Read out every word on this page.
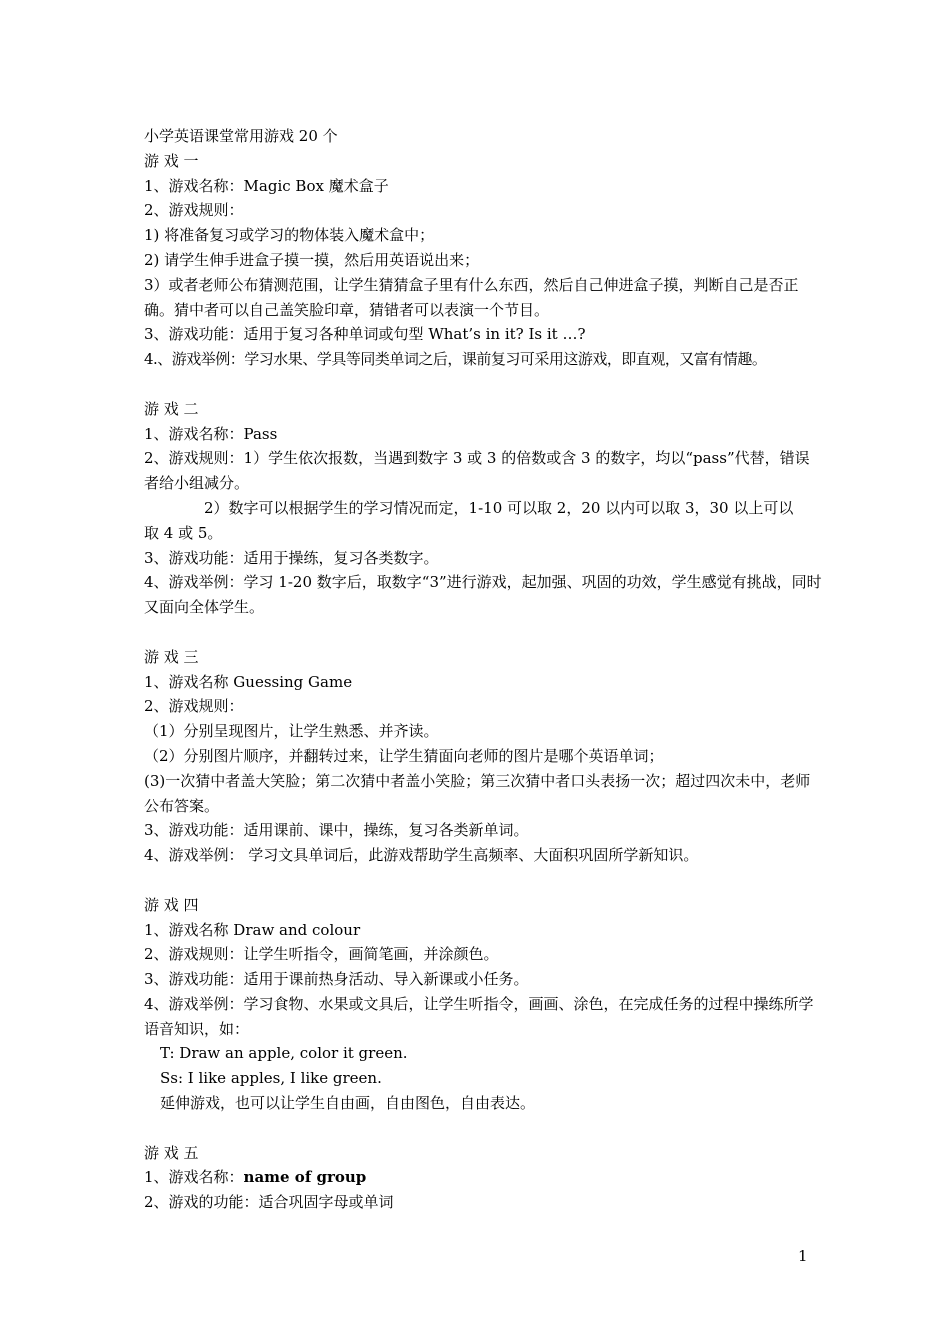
小学英语课堂常用游戏 20 个
游 戏 一
1、游戏名称：Magic Box 魔术盒子
2、游戏规则：
1) 将准备复习或学习的物体装入魔术盒中；
2) 请学生伸手进盒子摸一摸，然后用英语说出来；
3）或者老师公布猜测范围，让学生猜猜盒子里有什么东西，然后自己伸进盒子摸，判断自己是否正确。猜中者可以自己盖笑脸印章，猜错者可以表演一个节目。
3、游戏功能：适用于复习各种单词或句型 What’s in it? Is it …?
4.、游戏举例：学习水果、学具等同类单词之后，课前复习可采用这游戏，即直观，又富有情趣。
游 戏 二
1、游戏名称：Pass
2、游戏规则：1）学生依次报数，当遇到数字 3 或 3 的倍数或含 3 的数字，均以“pass”代替，错误者给小组减分。
2）数字可以根据学生的学习情况而定，1-10 可以取 2，20 以内可以取 3，30 以上可以
取 4 或 5。
3、游戏功能：适用于操练，复习各类数字。
4、游戏举例：学习 1-20 数字后，取数字“3”进行游戏，起加强、巩固的功效，学生感觉有挑战，同时又面向全体学生。
游 戏 三
1、游戏名称 Guessing Game
2、游戏规则：
（1）分别呈现图片，让学生熟悉、并齐读。
（2）分别图片顺序，并翻转过来，让学生猜面向老师的图片是哪个英语单词；
(3)一次猜中者盖大笑脸；第二次猜中者盖小笑脸；第三次猜中者口头表扬一次；超过四次未中，老师公布答案。
3、游戏功能：适用课前、课中，操练，复习各类新单词。
4、游戏举例： 学习文具单词后，此游戏帮助学生高频率、大面积巩固所学新知识。
游 戏 四
1、游戏名称 Draw and colour
2、游戏规则：让学生听指令，画简笔画，并涂颜色。
3、游戏功能：适用于课前热身活动、导入新课或小任务。
4、游戏举例：学习食物、水果或文具后，让学生听指令，画画、涂色，在完成任务的过程中操练所学语音知识，如：
T: Draw an apple, color it green.
Ss: I like apples, I like green.
延伸游戏，也可以让学生自由画，自由图色，自由表达。
游 戏 五
1、游戏名称：name of group
2、游戏的功能：适合巩固字母或单词
1
